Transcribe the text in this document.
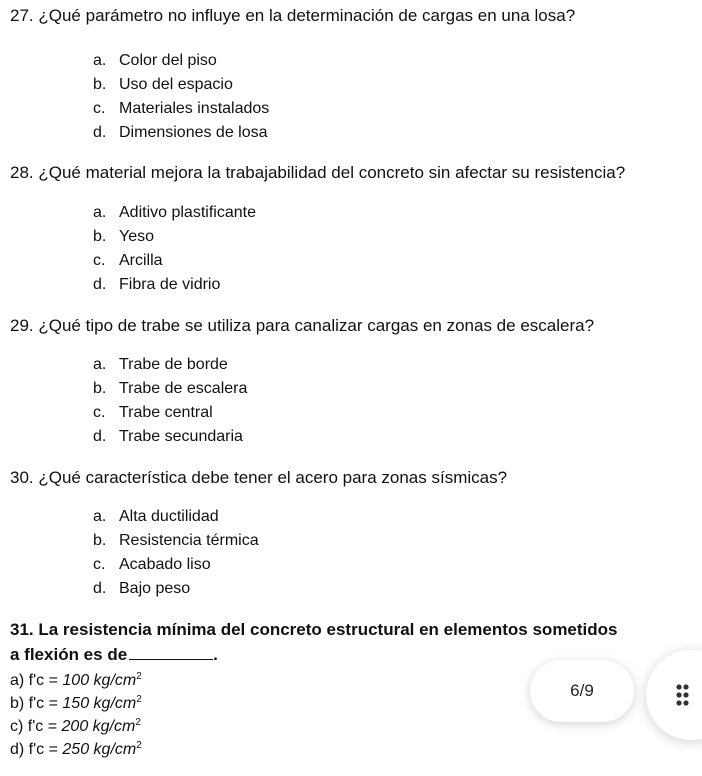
27. ¿Qué parámetro no influye en la determinación de cargas en una losa?
a. Color del piso
b. Uso del espacio
c. Materiales instalados
d. Dimensiones de losa
28. ¿Qué material mejora la trabajabilidad del concreto sin afectar su resistencia?
a. Aditivo plastificante
b. Yeso
c. Arcilla
d. Fibra de vidrio
29. ¿Qué tipo de trabe se utiliza para canalizar cargas en zonas de escalera?
a. Trabe de borde
b. Trabe de escalera
c. Trabe central
d. Trabe secundaria
30. ¿Qué característica debe tener el acero para zonas sísmicas?
a. Alta ductilidad
b. Resistencia térmica
c. Acabado liso
d. Bajo peso
31. La resistencia mínima del concreto estructural en elementos sometidos
a flexión es de	.
a) f'c = 100 $kg/cm^2$
b) f'c = 150 $kg/cm^2$
c) f'c = 200 $kg/cm^2$
d) f'c = 250 $kg/cm^2$
6/9
